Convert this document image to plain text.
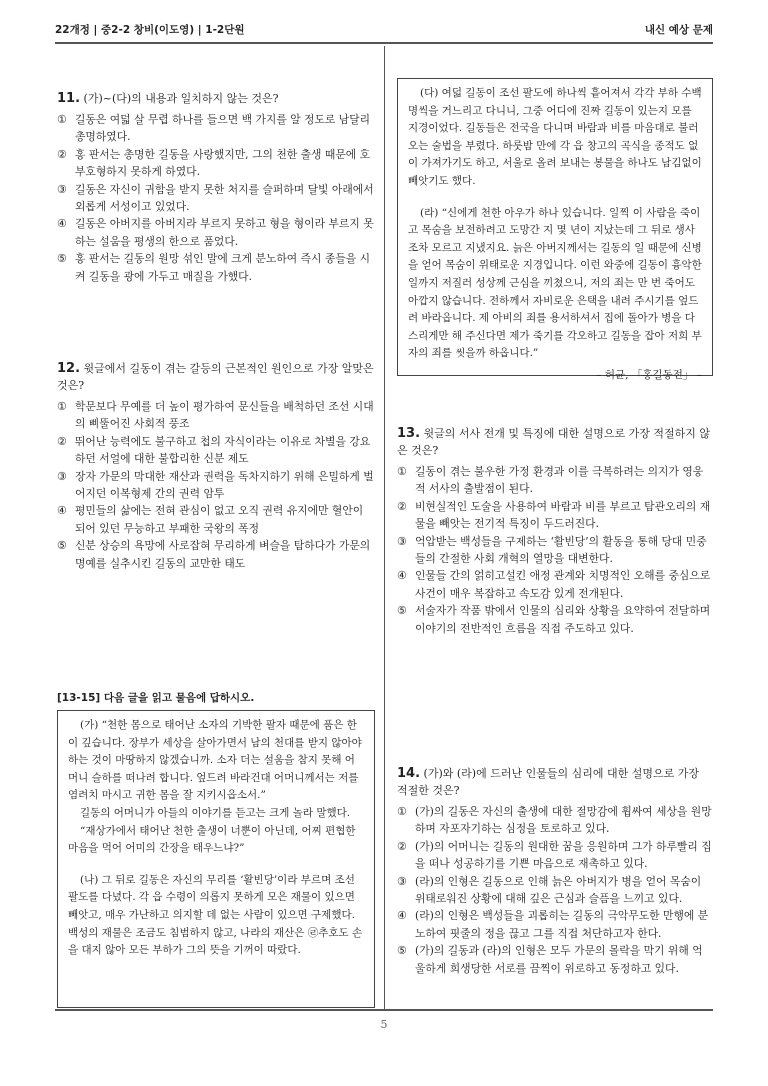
22개정 | 중2-2 창비(이도영) | 1-2단원	내신 예상 문제
11. (가)~(다)의 내용과 일치하지 않는 것은?
① 길동은 여덟 살 무렵 하나를 들으면 백 가지를 알 정도로 남달리 총명하였다.
② 홍 판서는 총명한 길동을 사랑했지만, 그의 천한 출생 때문에 호부호형하지 못하게 하였다.
③ 길동은 자신이 귀함을 받지 못한 처지를 슬퍼하며 달빛 아래에서 외롭게 서성이고 있었다.
④ 길동은 아버지를 아버지라 부르지 못하고 형을 형이라 부르지 못하는 설움을 평생의 한으로 품었다.
⑤ 홍 판서는 길동의 원망 섞인 말에 크게 분노하여 즉시 종들을 시켜 길동을 광에 가두고 매질을 가했다.
12. 윗글에서 길동이 겪는 갈등의 근본적인 원인으로 가장 알맞은 것은?
① 학문보다 무예를 더 높이 평가하여 문신들을 배척하던 조선 시대의 삐뚤어진 사회적 풍조
② 뛰어난 능력에도 불구하고 첩의 자식이라는 이유로 차별을 강요하던 서얼에 대한 불합리한 신분 제도
③ 장자 가문의 막대한 재산과 권력을 독차지하기 위해 은밀하게 벌어지던 이복형제 간의 권력 암투
④ 평민들의 삶에는 전혀 관심이 없고 오직 권력 유지에만 혈안이 되어 있던 무능하고 부패한 국왕의 폭정
⑤ 신분 상승의 욕망에 사로잡혀 무리하게 벼슬을 탐하다가 가문의 명예를 실추시킨 길동의 교만한 태도
[13-15] 다음 글을 읽고 물음에 답하시오.

(가) “천한 몸으로 태어난 소자의 기박한 팔자 때문에 품은 한이 깊습니다. 장부가 세상을 살아가면서 남의 천대를 받지 않아야 하는 것이 마땅하지 않겠습니까. 소자 더는 설움을 참지 못해 어머니 슬하를 떠나려 합니다. 엎드려 바라건대 어머니께서는 저를 염려치 마시고 귀한 몸을 잘 지키시옵소서.”

길동의 어머니가 아들의 이야기를 듣고는 크게 놀라 말했다.

“재상가에서 태어난 천한 출생이 너뿐이 아닌데, 어찌 편협한 마음을 먹어 어미의 간장을 태우느냐?”

(나) 그 뒤로 길동은 자신의 무리를 ‘활빈당’이라 부르며 조선 팔도를 다녔다. 각 읍 수령이 의롭지 못하게 모은 재물이 있으면 빼앗고, 매우 가난하고 의지할 데 없는 사람이 있으면 구제했다. 백성의 재물은 조금도 침범하지 않고, 나라의 재산은 ㉣추호도 손을 대지 않아 모든 부하가 그의 뜻을 기꺼이 따랐다.

(다) 여덟 길동이 조선 팔도에 하나씩 흩어져서 각각 부하 수백 명씩을 거느리고 다니니, 그중 어디에 진짜 길동이 있는지 모를 지경이었다. 길동들은 전국을 다니며 바람과 비를 마음대로 불러오는 술법을 부렸다. 하룻밤 만에 각 읍 창고의 곡식을 종적도 없이 가져가기도 하고, 서울로 올려 보내는 봉물을 하나도 남김없이 빼앗기도 했다.

(라) “신에게 천한 아우가 하나 있습니다. 일찍 이 사람을 죽이고 목숨을 보전하려고 도망간 지 몇 년이 지났는데 그 뒤로 생사조차 모르고 지냈지요. 늙은 아버지께서는 길동의 일 때문에 신병을 얻어 목숨이 위태로운 지경입니다. 이런 와중에 길동이 흉악한 일까지 저질러 성상께 근심을 끼쳤으니, 저의 죄는 만 번 죽어도 아깝지 않습니다. 전하께서 자비로운 은택을 내려 주시기를 엎드려 바라옵니다. 제 아비의 죄를 용서하셔서 집에 돌아가 병을 다스리게만 해 주신다면 제가 죽기를 각오하고 길동을 잡아 저희 부자의 죄를 씻을까 하옵니다.”

– 허균, 「홍길동전」 –
13. 윗글의 서사 전개 및 특징에 대한 설명으로 가장 적절하지 않은 것은?
① 길동이 겪는 불우한 가정 환경과 이를 극복하려는 의지가 영웅적 서사의 출발점이 된다.
② 비현실적인 도술을 사용하여 바람과 비를 부르고 탐관오리의 재물을 빼앗는 전기적 특징이 두드러진다.
③ 억압받는 백성들을 구제하는 ‘활빈당’의 활동을 통해 당대 민중들의 간절한 사회 개혁의 열망을 대변한다.
④ 인물들 간의 얽히고설킨 애정 관계와 치명적인 오해를 중심으로 사건이 매우 복잡하고 속도감 있게 전개된다.
⑤ 서술자가 작품 밖에서 인물의 심리와 상황을 요약하여 전달하며 이야기의 전반적인 흐름을 직접 주도하고 있다.
14. (가)와 (라)에 드러난 인물들의 심리에 대한 설명으로 가장 적절한 것은?
① (가)의 길동은 자신의 출생에 대한 절망감에 휩싸여 세상을 원망하며 자포자기하는 심정을 토로하고 있다.
② (가)의 어머니는 길동의 원대한 꿈을 응원하며 그가 하루빨리 집을 떠나 성공하기를 기쁜 마음으로 재촉하고 있다.
③ (라)의 인형은 길동으로 인해 늙은 아버지가 병을 얻어 목숨이 위태로워진 상황에 대해 깊은 근심과 슬픔을 느끼고 있다.
④ (라)의 인형은 백성들을 괴롭히는 길동의 극악무도한 만행에 분노하여 핏줄의 정을 끊고 그를 직접 처단하고자 한다.
⑤ (가)의 길동과 (라)의 인형은 모두 가문의 몰락을 막기 위해 억울하게 희생당한 서로를 끔찍이 위로하고 동정하고 있다.
5
